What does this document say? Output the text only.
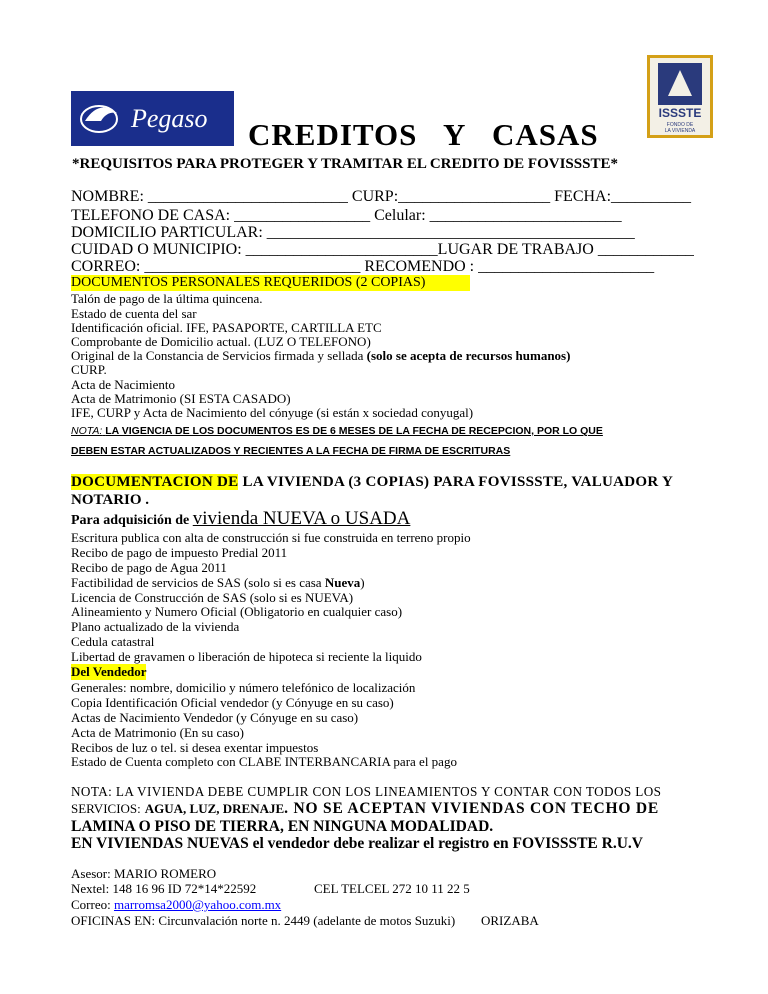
Pegaso	ISSSTE
FONDO DE
LA VIVIENDA
CREDITOS Y CASAS
*REQUISITOS PARA PROTEGER Y TRAMITAR EL CREDITO DE FOVISSSTE*
NOMBRE: _________________________ CURP:___________________ FECHA:__________
TELEFONO DE CASA: _________________ Celular: ________________________
DOMICILIO PARTICULAR: ______________________________________________
CUIDAD O MUNICIPIO: ________________________LUGAR DE TRABAJO ____________
CORREO: ___________________________ RECOMENDO : ______________________
DOCUMENTOS PERSONALES REQUERIDOS (2 COPIAS)
Talón de pago de la última quincena.
Estado de cuenta del sar
Identificación oficial. IFE, PASAPORTE, CARTILLA ETC
Comprobante de Domicilio actual. (LUZ O TELEFONO)
Original de la Constancia de Servicios firmada y sellada (solo se acepta de recursos humanos)
CURP.
Acta de Nacimiento
Acta de Matrimonio (SI ESTA CASADO)
IFE, CURP y Acta de Nacimiento del cónyuge (si están x sociedad conyugal)
NOTA: LA VIGENCIA DE LOS DOCUMENTOS ES DE 6 MESES DE LA FECHA DE RECEPCION, POR LO QUE
DEBEN ESTAR ACTUALIZADOS Y RECIENTES A LA FECHA DE FIRMA DE ESCRITURAS
DOCUMENTACION DE LA VIVIENDA (3 COPIAS) PARA FOVISSSTE, VALUADOR Y
NOTARIO .
Para adquisición de vivienda NUEVA o USADA
Escritura publica con alta de construcción si fue construida en terreno propio
Recibo de pago de impuesto Predial 2011
Recibo de pago de Agua 2011
Factibilidad de servicios de SAS (solo si es casa Nueva)
Licencia de Construcción de SAS (solo si es NUEVA)
Alineamiento y Numero Oficial (Obligatorio en cualquier caso)
Plano actualizado de la vivienda
Cedula catastral
Libertad de gravamen o liberación de hipoteca si reciente la liquido
Del Vendedor
Generales: nombre, domicilio y número telefónico de localización
Copia Identificación Oficial vendedor (y Cónyuge en su caso)
Actas de Nacimiento Vendedor (y Cónyuge en su caso)
Acta de Matrimonio (En su caso)
Recibos de luz o tel. si desea exentar impuestos
Estado de Cuenta completo con CLABE INTERBANCARIA para el pago
NOTA: LA VIVIENDA DEBE CUMPLIR CON LOS LINEAMIENTOS Y CONTAR CON TODOS LOS
SERVICIOS: AGUA, LUZ, DRENAJE. NO SE ACEPTAN VIVIENDAS CON TECHO DE
LAMINA O PISO DE TIERRA, EN NINGUNA MODALIDAD.
EN VIVIENDAS NUEVAS el vendedor debe realizar el registro en FOVISSSTE R.U.V
Asesor: MARIO ROMERO
Nextel: 148 16 96 ID 72*14*22592	CEL TELCEL 272 10 11 22 5
Correo: marromsa2000@yahoo.com.mx
OFICINAS EN: Circunvalación norte n. 2449 (adelante de motos Suzuki) ORIZABA
